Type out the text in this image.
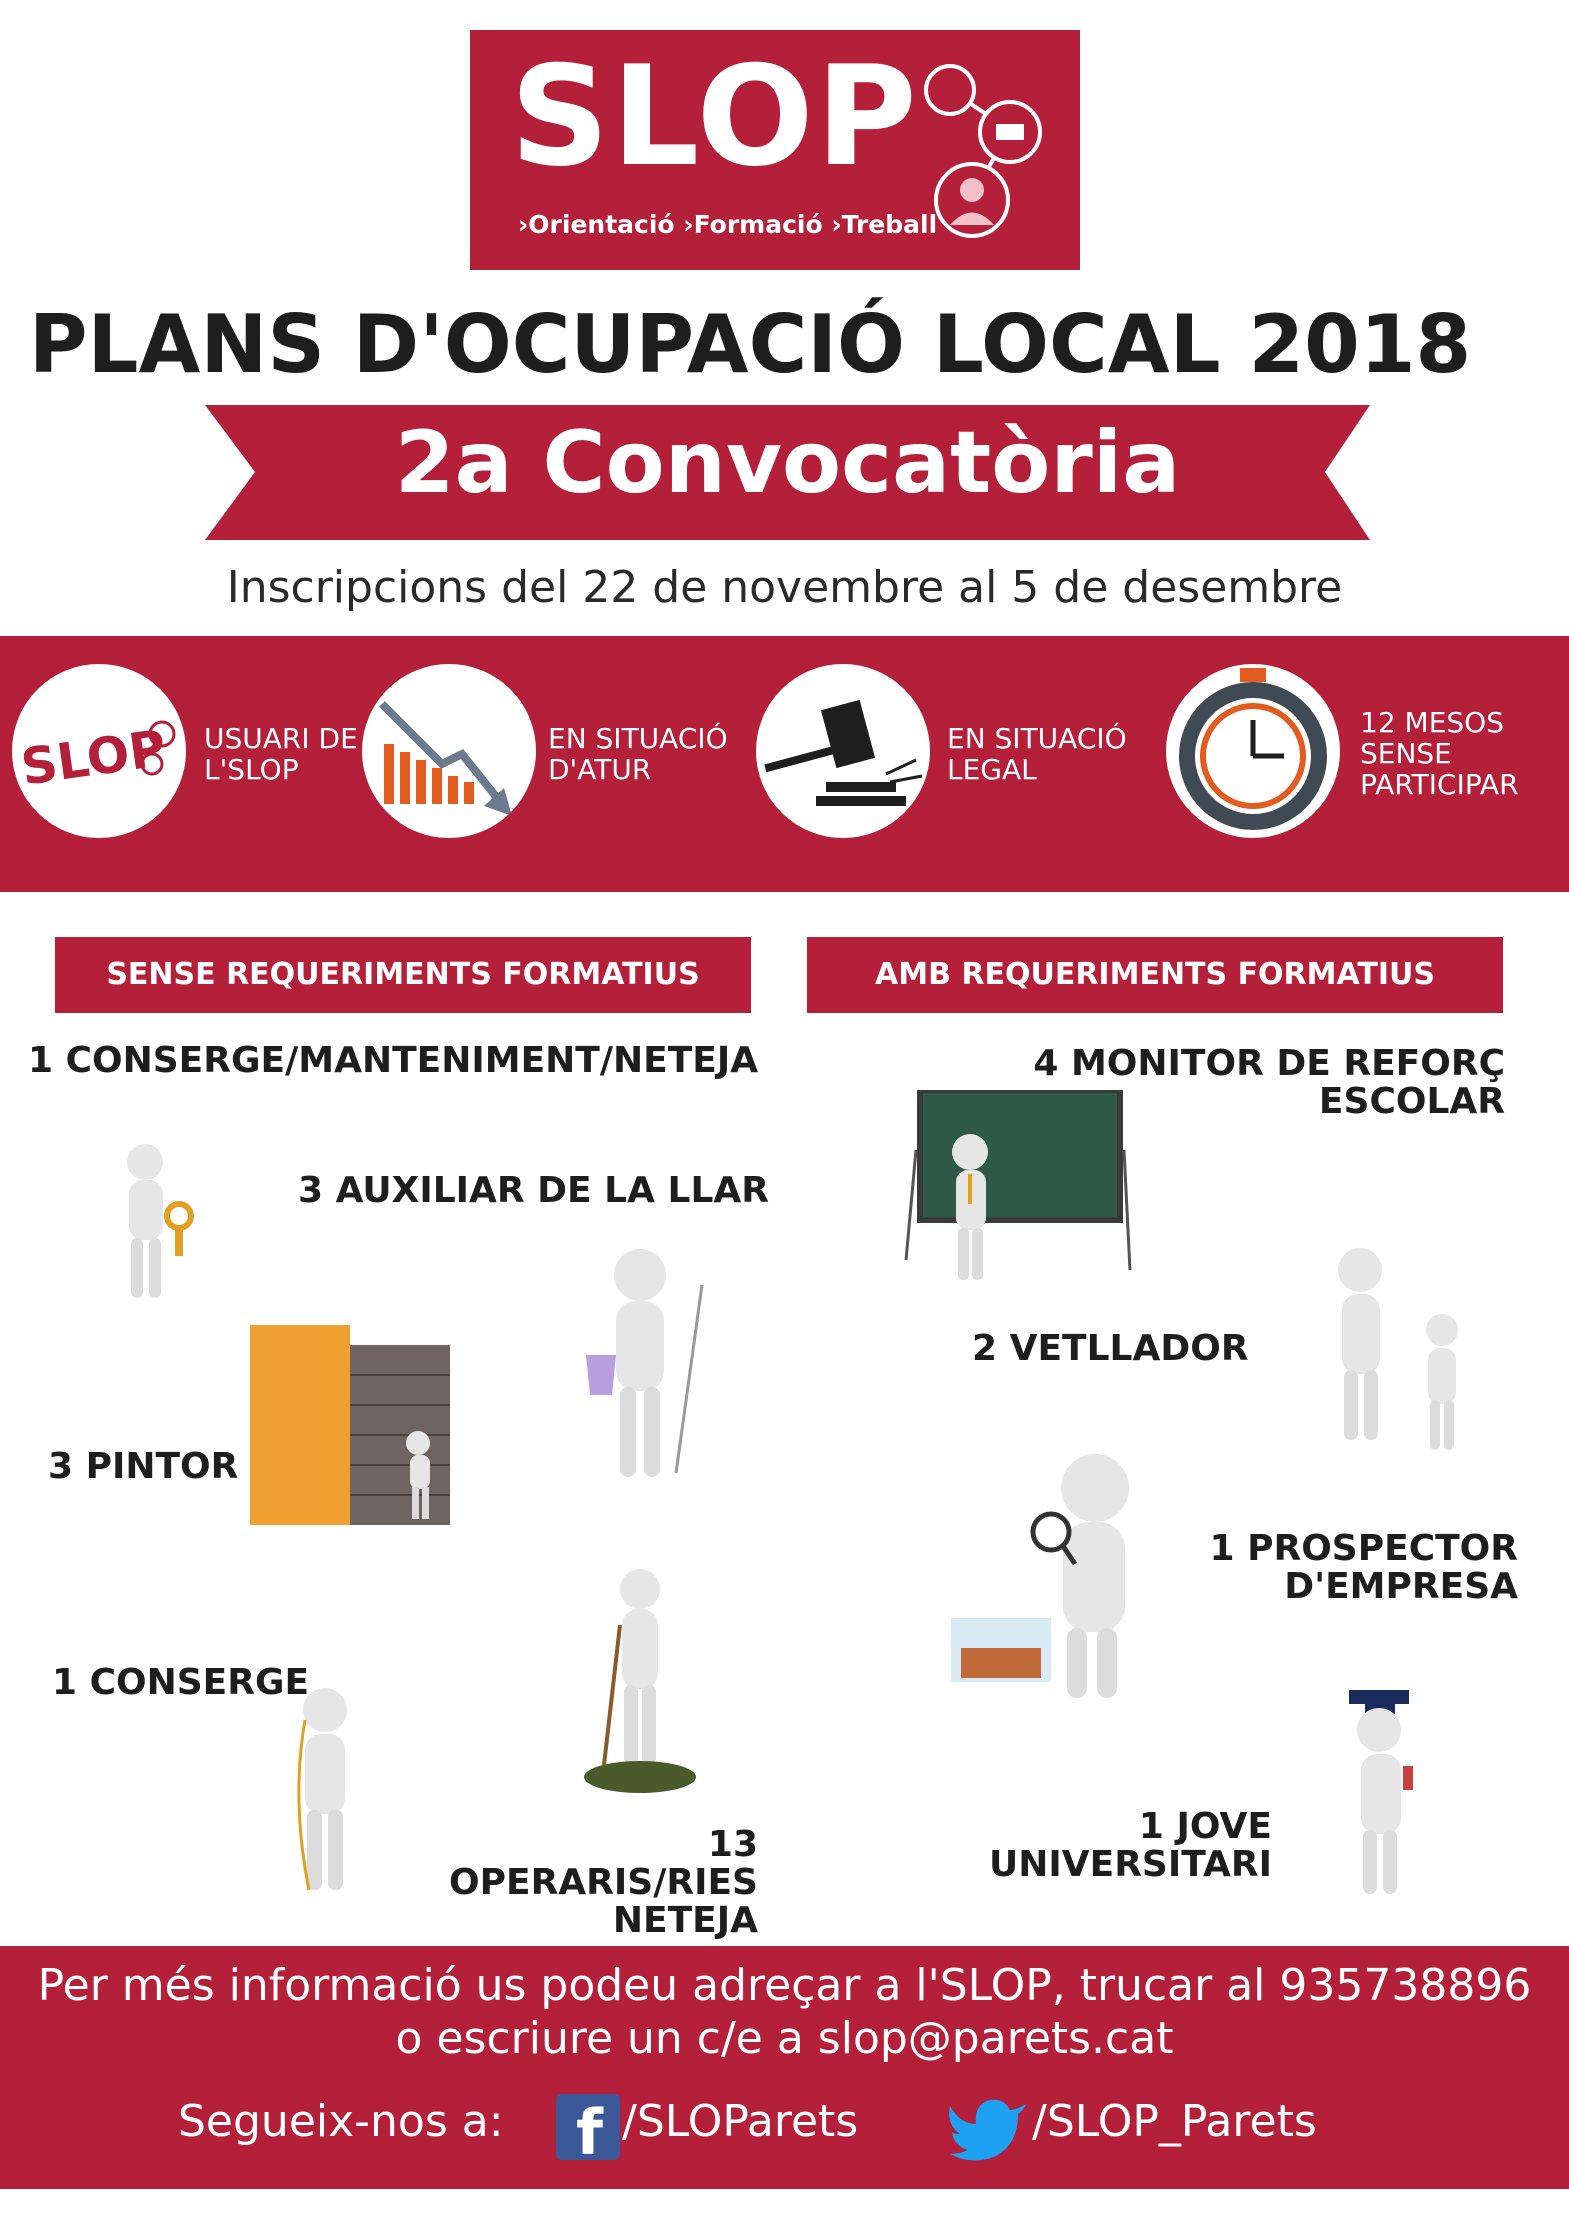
SLOP
›Orientació ›Formació ›Treball
PLANS D'OCUPACIÓ LOCAL 2018
2a Convocatòria
Inscripcions del 22 de novembre al 5 de desembre
SLOP USUARI DE
L'SLOP
EN SITUACIÓ
D'ATUR
EN SITUACIÓ
LEGAL
12 MESOS
SENSE
PARTICIPAR
SENSE REQUERIMENTS FORMATIUS	AMB REQUERIMENTS FORMATIUS
1 CONSERGE/MANTENIMENT/NETEJA
3 AUXILIAR DE LA LLAR
3 PINTOR
1 CONSERGE
13 OPERARIS/RIES
NETEJA
4 MONITOR DE REFORÇ
ESCOLAR
2 VETLLADOR
1 PROSPECTOR
D'EMPRESA
1 JOVE
UNIVERSITARI
Per més informació us podeu adreçar a l'SLOP, trucar al 935738896
o escriure un c/e a slop@parets.cat
Segueix-nos a: f /SLOParets	/SLOP_Parets
